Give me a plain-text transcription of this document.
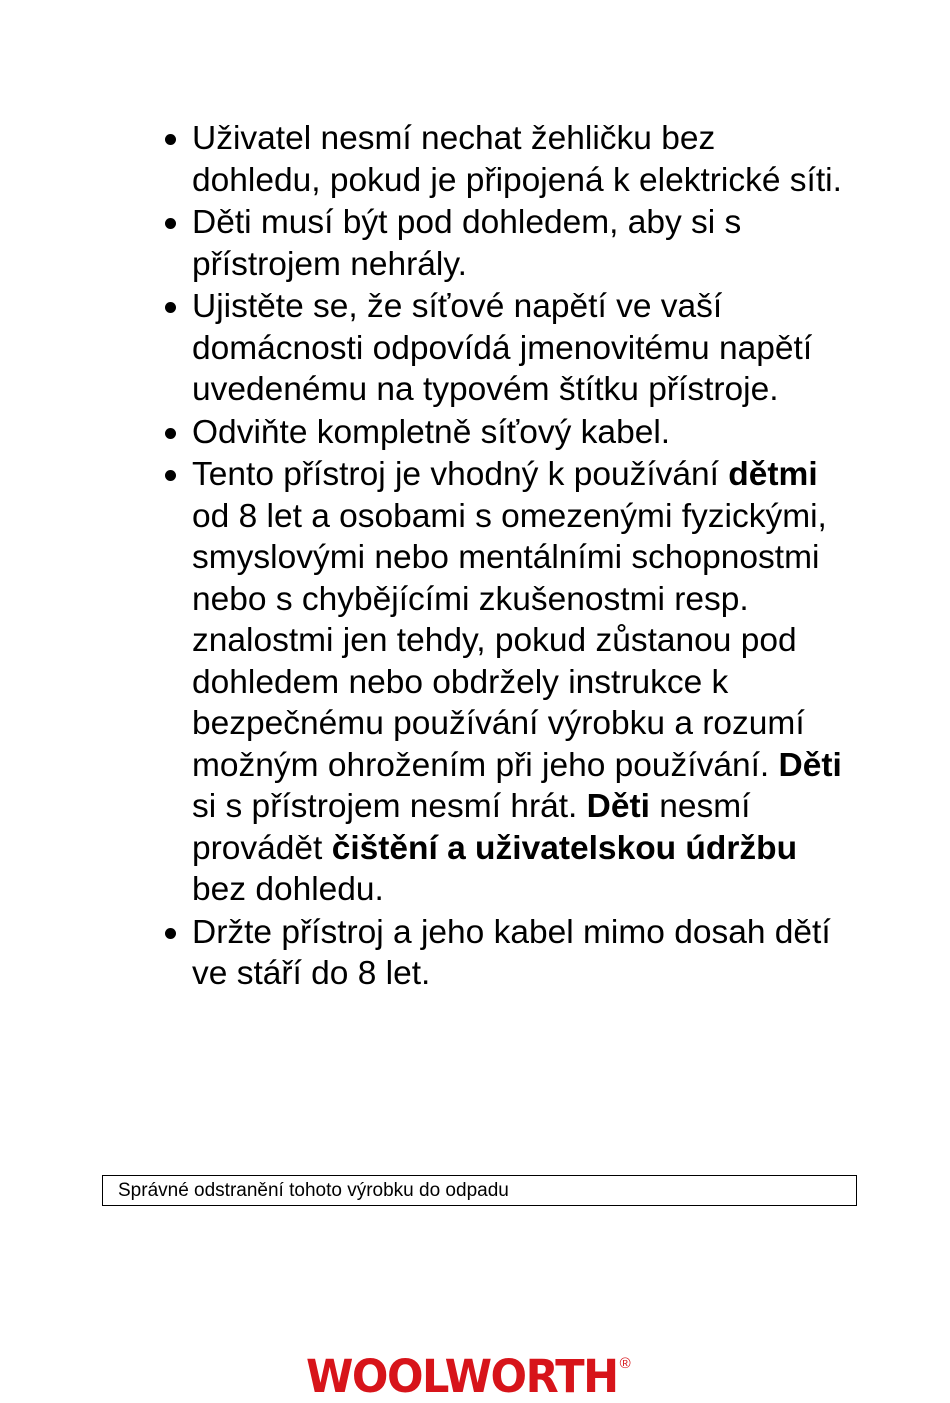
Uživatel nesmí nechat žehličku bez dohledu, pokud je připojená k elektrické síti.
Děti musí být pod dohledem, aby si s přístrojem nehrály.
Ujistěte se, že síťové napětí ve vaší domácnosti odpovídá jmenovitému napětí uvedenému na typovém štítku přístroje.
Odviňte kompletně síťový kabel.
Tento přístroj je vhodný k používání dětmi od 8 let a osobami s omezenými fyzickými, smyslovými nebo mentálními schopnostmi nebo s chybějícími zkušenostmi resp. znalostmi jen tehdy, pokud zůstanou pod dohledem nebo obdržely instrukce k bezpečnému používání výrobku a rozumí možným ohrožením při jeho používání. Děti si s přístrojem nesmí hrát. Děti nesmí provádět čištění a uživatelskou údržbu bez dohledu.
Držte přístroj a jeho kabel mimo dosah dětí ve stáří do 8 let.
Správné odstranění tohoto výrobku do odpadu
WOOLWORTH ®
